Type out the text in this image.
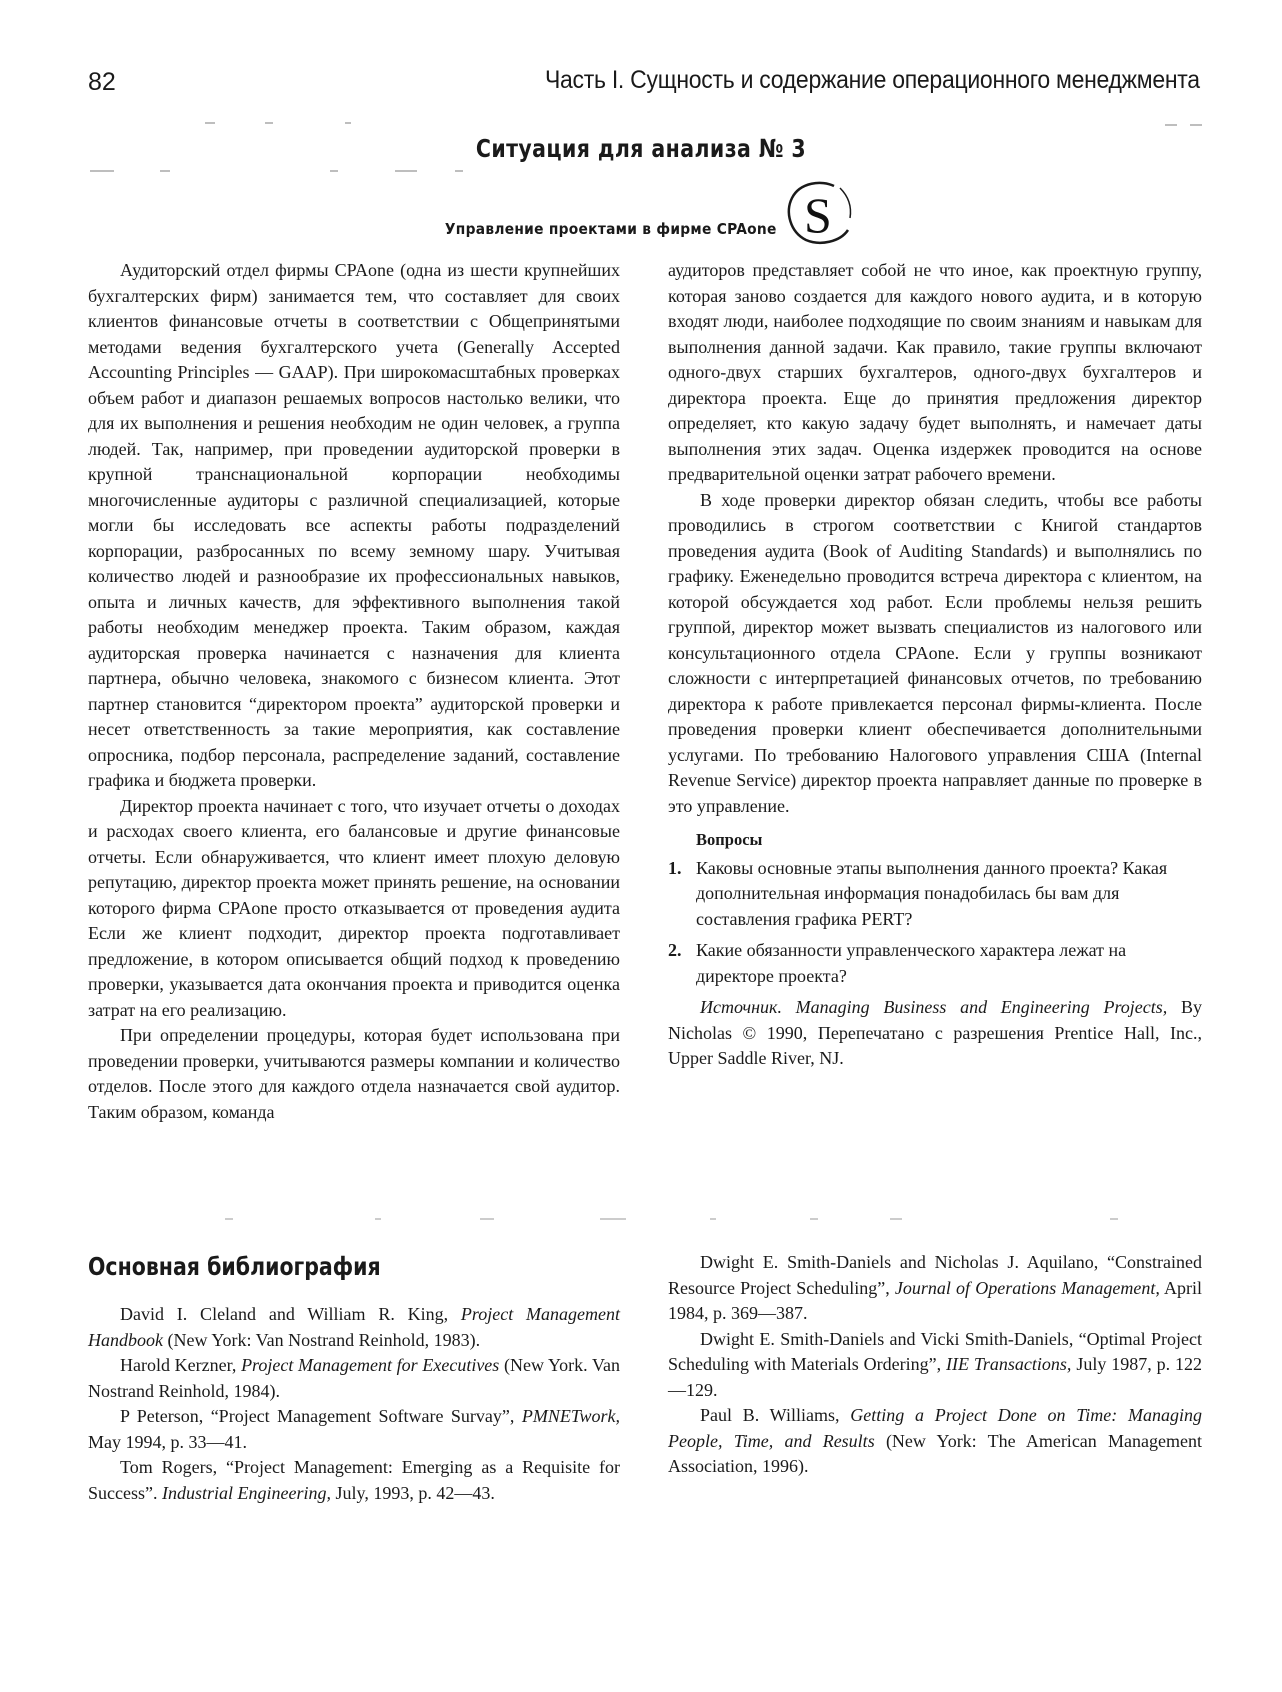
82	Часть I. Сущность и содержание операционного менеджмента
Ситуация для анализа № 3
Управление проектами в фирме CPAone S

Аудиторский отдел фирмы CPAone (одна из шести крупнейших бухгалтерских фирм) занимается тем, что составляет для своих клиентов финансовые отчеты в соответствии с Общепринятыми методами ведения бухгалтерского учета (Generally Accepted Accounting Principles — GAAP). При широкомасштабных проверках объем работ и диапазон решаемых вопросов настолько велики, что для их выполнения и решения необходим не один человек, а группа людей. Так, например, при проведении аудиторской проверки в крупной транснациональной корпорации необходимы многочисленные аудиторы с различной специализацией, которые могли бы исследовать все аспекты работы подразделений корпорации, разбросанных по всему земному шару. Учитывая количество людей и разнообразие их профессиональных навыков, опыта и личных качеств, для эффективного выполнения такой работы необходим менеджер проекта. Таким образом, каждая аудиторская проверка начинается с назначения для клиента партнера, обычно человека, знакомого с бизнесом клиента. Этот партнер становится “директором проекта” аудиторской проверки и несет ответственность за такие мероприятия, как составление опросника, подбор персонала, распределение заданий, составление графика и бюджета проверки.

Директор проекта начинает с того, что изучает отчеты о доходах и расходах своего клиента, его балансовые и другие финансовые отчеты. Если обнаруживается, что клиент имеет плохую деловую репутацию, директор проекта может принять решение, на основании которого фирма CPAone просто отказывается от проведения аудита Если же клиент подходит, директор проекта подготавливает предложение, в котором описывается общий подход к проведению проверки, указывается дата окончания проекта и приводится оценка затрат на его реализацию.

При определении процедуры, которая будет использована при проведении проверки, учитываются размеры компании и количество отделов. После этого для каждого отдела назначается свой аудитор. Таким образом, команда

аудиторов представляет собой не что иное, как проектную группу, которая заново создается для каждого нового аудита, и в которую входят люди, наиболее подходящие по своим знаниям и навыкам для выполнения данной задачи. Как правило, такие группы включают одного-двух старших бухгалтеров, одного-двух бухгалтеров и директора проекта. Еще до принятия предложения директор определяет, кто какую задачу будет выполнять, и намечает даты выполнения этих задач. Оценка издержек проводится на основе предварительной оценки затрат рабочего времени.

В ходе проверки директор обязан следить, чтобы все работы проводились в строгом соответствии с Книгой стандартов проведения аудита (Book of Auditing Standards) и выполнялись по графику. Еженедельно проводится встреча директора с клиентом, на которой обсуждается ход работ. Если проблемы нельзя решить группой, директор может вызвать специалистов из налогового или консультационного отдела CPAone. Если у группы возникают сложности с интерпретацией финансовых отчетов, по требованию директора к работе привлекается персонал фирмы-клиента. После проведения проверки клиент обеспечивается дополнительными услугами. По требованию Налогового управления США (Internal Revenue Service) директор проекта направляет данные по проверке в это управление.

Вопросы
1. Каковы основные этапы выполнения данного проекта? Какая дополнительная информация понадобилась бы вам для составления графика PERT?
2. Какие обязанности управленческого характера лежат на директоре проекта?

Источник. Managing Business and Engineering Projects, By Nicholas © 1990, Перепечатано с разрешения Prentice Hall, Inc., Upper Saddle River, NJ.

Основная библиография

David I. Cleland and William R. King, Project Management Handbook (New York: Van Nostrand Reinhold, 1983).

Harold Kerzner, Project Management for Executives (New York. Van Nostrand Reinhold, 1984).

P Peterson, “Project Management Software Survay”, PMNETwork, May 1994, p. 33—41.

Tom Rogers, “Project Management: Emerging as a Requisite for Success”. Industrial Engineering, July, 1993, p. 42—43.

Dwight E. Smith-Daniels and Nicholas J. Aquilano, “Constrained Resource Project Scheduling”, Journal of Operations Management, April 1984, p. 369—387.

Dwight E. Smith-Daniels and Vicki Smith-Daniels, “Optimal Project Scheduling with Materials Ordering”, IIE Transactions, July 1987, p. 122—129.

Paul B. Williams, Getting a Project Done on Time: Managing People, Time, and Results (New York: The American Management Association, 1996).
